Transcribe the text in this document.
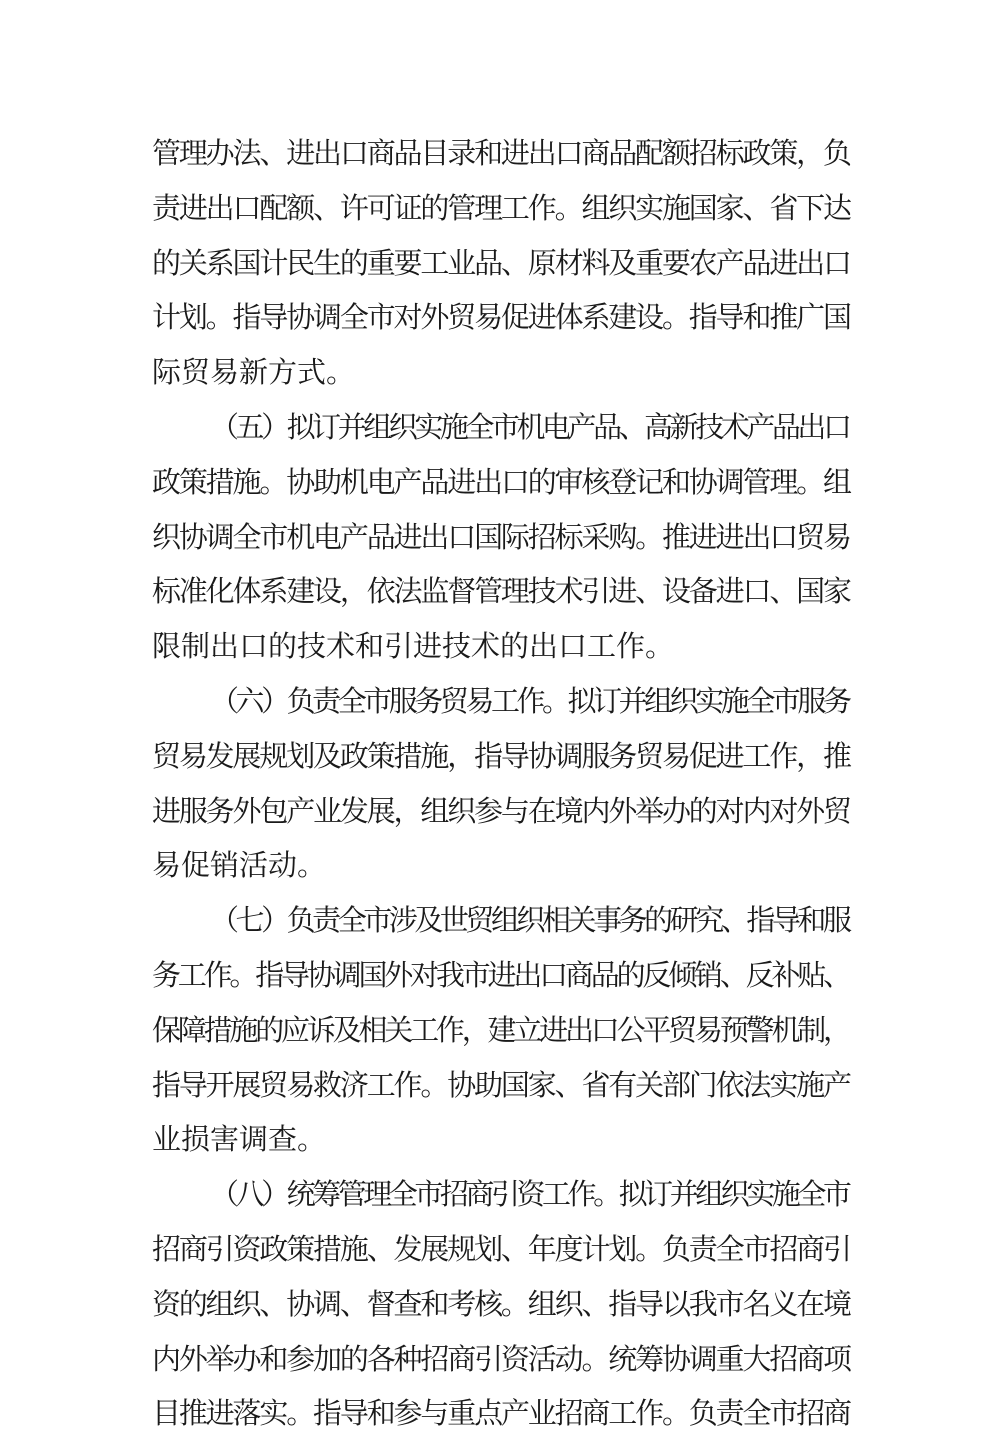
管理办法、进出口商品目录和进出口商品配额招标政策，负
责进出口配额、许可证的管理工作。组织实施国家、省下达
的关系国计民生的重要工业品、原材料及重要农产品进出口
计划。指导协调全市对外贸易促进体系建设。指导和推广国
际贸易新方式。
（五）拟订并组织实施全市机电产品、高新技术产品出口
政策措施。协助机电产品进出口的审核登记和协调管理。组
织协调全市机电产品进出口国际招标采购。推进进出口贸易
标准化体系建设，依法监督管理技术引进、设备进口、国家
限制出口的技术和引进技术的出口工作。
（六）负责全市服务贸易工作。拟订并组织实施全市服务
贸易发展规划及政策措施，指导协调服务贸易促进工作，推
进服务外包产业发展，组织参与在境内外举办的对内对外贸
易促销活动。
（七）负责全市涉及世贸组织相关事务的研究、指导和服
务工作。指导协调国外对我市进出口商品的反倾销、反补贴、
保障措施的应诉及相关工作，建立进出口公平贸易预警机制，
指导开展贸易救济工作。协助国家、省有关部门依法实施产
业损害调查。
（八）统筹管理全市招商引资工作。拟订并组织实施全市
招商引资政策措施、发展规划、年度计划。负责全市招商引
资的组织、协调、督查和考核。组织、指导以我市名义在境
内外举办和参加的各种招商引资活动。统筹协调重大招商项
目推进落实。指导和参与重点产业招商工作。负责全市招商
